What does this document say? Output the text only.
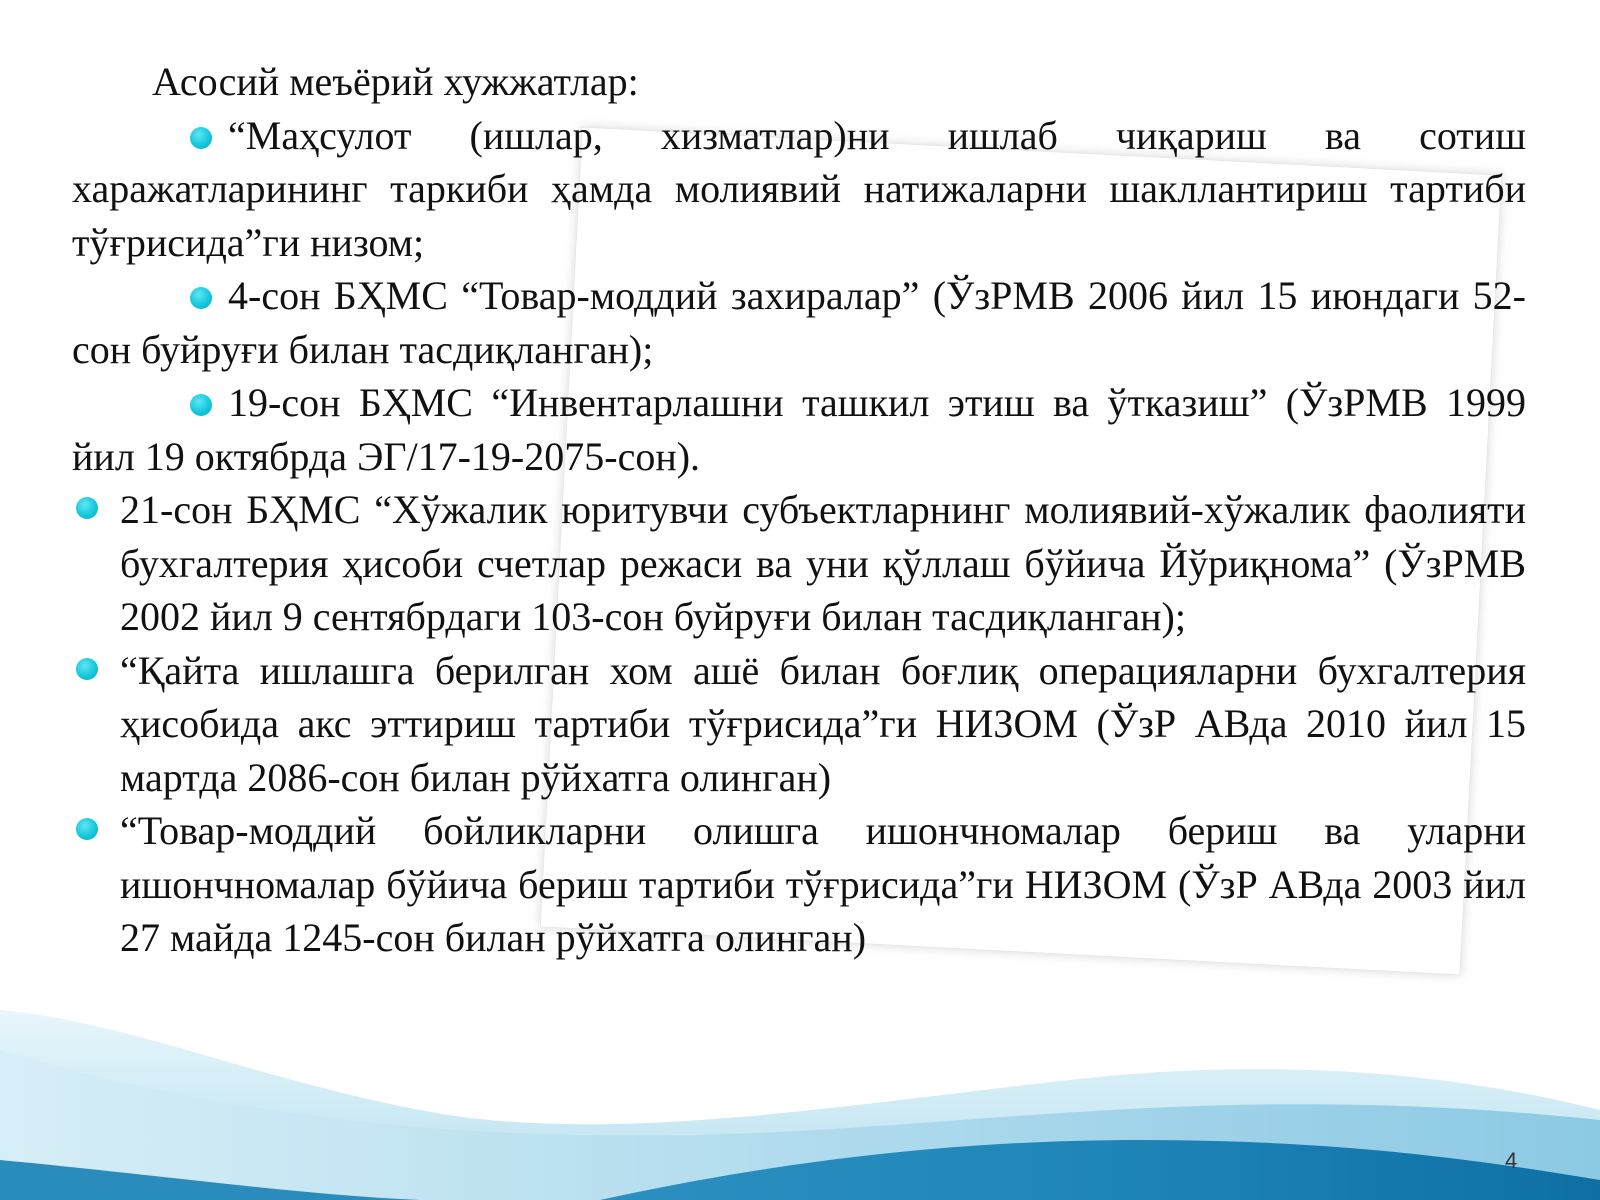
Асосий меъёрий хужжатлар:

“Маҳсулот (ишлар, хизматлар)ни ишлаб чиқариш ва сотиш харажатларининг таркиби ҳамда молиявий натижаларни шакллантириш тартиби тўғрисида”ги низом;

4-сон БҲМС “Товар-моддий захиралар” (ЎзРМВ 2006 йил 15 июндаги 52-сон буйруғи билан тасдиқланган);

19-сон БҲМС “Инвентарлашни ташкил этиш ва ўтказиш” (ЎзРМВ 1999 йил 19 октябрда ЭГ/17-19-2075-сон).

21-сон БҲМС “Хўжалик юритувчи субъектларнинг молиявий-хўжалик фаолияти бухгалтерия ҳисоби счетлар режаси ва уни қўллаш бўйича Йўриқнома” (ЎзРМВ 2002 йил 9 сентябрдаги 103-сон буйруғи билан тасдиқланган);

“Қайта ишлашга берилган хом ашё билан боғлиқ операцияларни бухгалтерия ҳисобида акс эттириш тартиби тўғрисида”ги НИЗОМ (ЎзР АВда 2010 йил 15 мартда 2086-сон билан рўйхатга олинган)

“Товар-моддий бойликларни олишга ишончномалар бериш ва уларни ишончномалар бўйича бериш тартиби тўғрисида”ги НИЗОМ (ЎзР АВда 2003 йил 27 майда 1245-сон билан рўйхатга олинган)

4
